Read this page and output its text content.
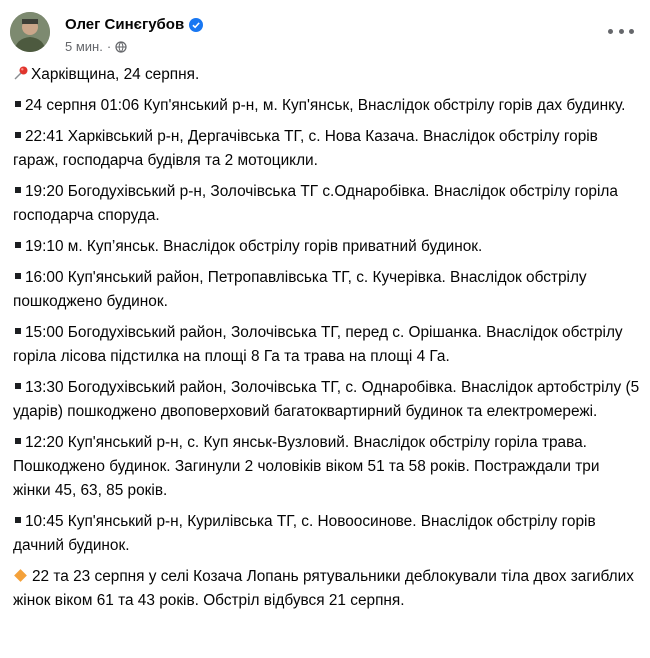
Олег Синєгубов
5 мин. ·

Харківщина, 24 серпня.

24 серпня 01:06 Куп'янський р-н, м. Куп'янськ, Внаслідок обстрілу горів дах будинку.

22:41 Харківський р-н, Дергачівська ТГ, с. Нова Казача. Внаслідок обстрілу горів гараж, господарча будівля та 2 мотоцикли.

19:20 Богодухівський р-н, Золочівська ТГ с.Однаробівка. Внаслідок обстрілу горіла господарча споруда.

19:10 м. Куп’янськ. Внаслідок обстрілу горів приватний будинок.

16:00 Куп'янський район, Петропавлівська ТГ, с. Кучерівка. Внаслідок обстрілу пошкоджено будинок.

15:00 Богодухівський район, Золочівська ТГ, перед с. Орішанка. Внаслідок обстрілу горіла лісова підстилка на площі 8 Га та трава на площі 4 Га.

13:30 Богодухівський район, Золочівська ТГ, с. Однаробівка. Внаслідок артобстрілу (5 ударів) пошкоджено двоповерховий багатоквартирний будинок та електромережі.

12:20 Куп'янський р-н, с. Куп янськ-Вузловий. Внаслідок обстрілу горіла трава. Пошкоджено будинок. Загинули 2 чоловіків віком 51 та 58 років. Постраждали три жінки 45, 63, 85 років.

10:45 Куп'янський р-н, Курилівська ТГ, с. Новоосинове. Внаслідок обстрілу горів дачний будинок.

22 та 23 серпня у селі Козача Лопань рятувальники деблокували тіла двох загиблих жінок віком 61 та 43 років. Обстріл відбувся 21 серпня.
